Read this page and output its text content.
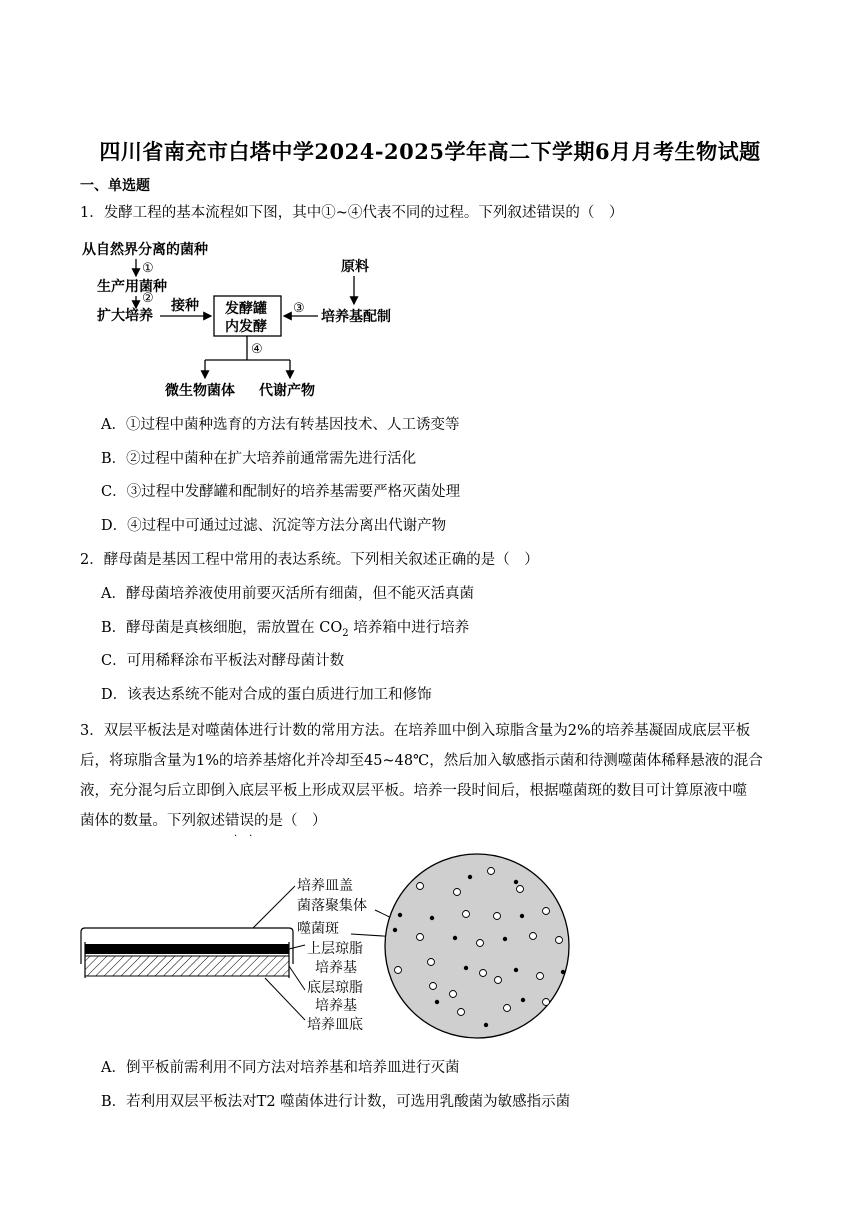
四川省南充市白塔中学2024-2025学年高二下学期6月月考生物试题
一、单选题
1．发酵工程的基本流程如下图，其中①~④代表不同的过程。下列叙述错误的（　）
从自然界分离的菌种
①
生产用菌种
②
扩大培养
接种 发酵罐
内发酵
③
原料
培养基配制
④
微生物菌体 代谢产物
A．①过程中菌种选育的方法有转基因技术、人工诱变等
B．②过程中菌种在扩大培养前通常需先进行活化
C．③过程中发酵罐和配制好的培养基需要严格灭菌处理
D．④过程中可通过过滤、沉淀等方法分离出代谢产物
2．酵母菌是基因工程中常用的表达系统。下列相关叙述正确的是（　）
A．酵母菌培养液使用前要灭活所有细菌，但不能灭活真菌
B．酵母菌是真核细胞，需放置在 $CO_2$ 培养箱中进行培养
C．可用稀释涂布平板法对酵母菌计数
D．该表达系统不能对合成的蛋白质进行加工和修饰
3．双层平板法是对噬菌体进行计数的常用方法。在培养皿中倒入琼脂含量为2%的培养基凝固成底层平板
后，将琼脂含量为1%的培养基熔化并冷却至45~48℃，然后加入敏感指示菌和待测噬菌体稀释悬液的混合
液，充分混匀后立即倒入底层平板上形成双层平板。培养一段时间后，根据噬菌斑的数目可计算原液中噬
菌体的数量。下列叙述错误的是（　）
··
培养皿盖
菌落聚集体
噬菌斑
上层琼脂
培养基
底层琼脂
培养基
培养皿底
A．倒平板前需利用不同方法对培养基和培养皿进行灭菌
B．若利用双层平板法对T2 噬菌体进行计数，可选用乳酸菌为敏感指示菌
